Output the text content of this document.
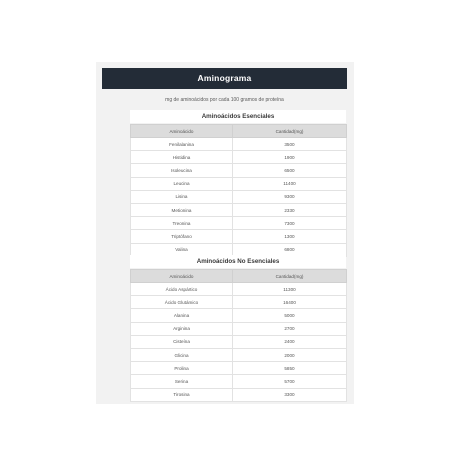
Aminograma
mg de aminoácidos por cada 100 gramos de proteína
Aminoácidos Esenciales
Aminoácido	Cantidad(mg)
Fenilalanina	3500
Histidina	1900
Isoleucina	6500
Leucina	11400
Lisina	9300
Metionina	2330
Treonina	7300
Triptófano	1300
Valina	6800
Aminoácidos No Esenciales
Aminoácido	Cantidad(mg)
Ácido Aspártico	11300
Ácido Glutámico	16400
Alanina	5000
Arginina	2700
Cisteína	2400
Glicina	2000
Prolina	5850
Serina	5700
Tirosina	3300
